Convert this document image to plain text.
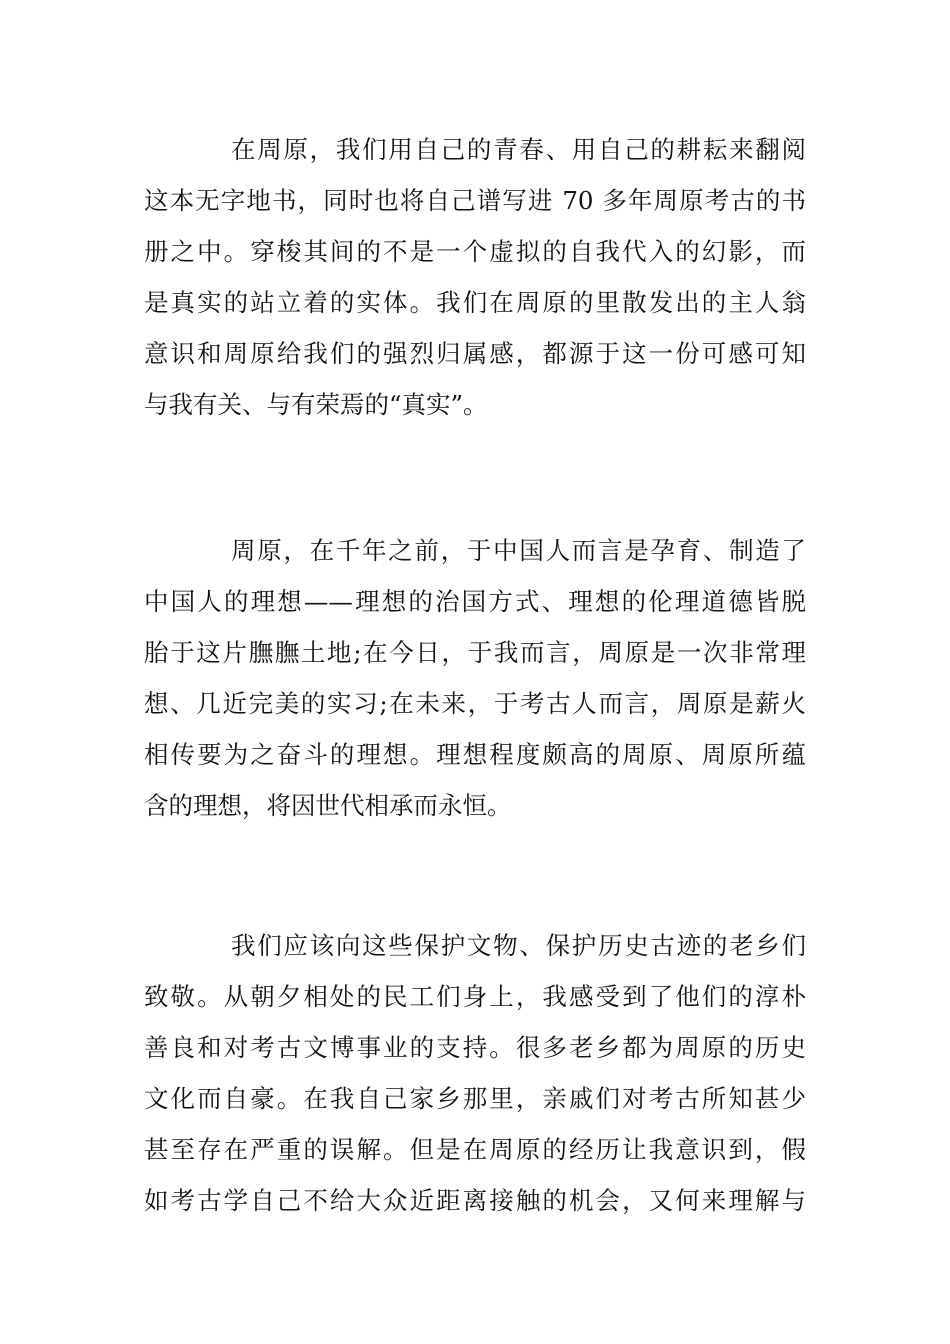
在周原，我们用自己的青春、用自己的耕耘来翻阅
这本无字地书，同时也将自己谱写进 70 多年周原考古的书
册之中。穿梭其间的不是一个虚拟的自我代入的幻影，而
是真实的站立着的实体。我们在周原的里散发出的主人翁
意识和周原给我们的强烈归属感，都源于这一份可感可知
与我有关、与有荣焉的“真实”。

周原，在千年之前，于中国人而言是孕育、制造了
中国人的理想——理想的治国方式、理想的伦理道德皆脱
胎于这片膴膴土地;在今日，于我而言，周原是一次非常理
想、几近完美的实习;在未来，于考古人而言，周原是薪火
相传要为之奋斗的理想。理想程度颇高的周原、周原所蕴
含的理想，将因世代相承而永恒。

我们应该向这些保护文物、保护历史古迹的老乡们
致敬。从朝夕相处的民工们身上，我感受到了他们的淳朴
善良和对考古文博事业的支持。很多老乡都为周原的历史
文化而自豪。在我自己家乡那里，亲戚们对考古所知甚少
甚至存在严重的误解。但是在周原的经历让我意识到，假
如考古学自己不给大众近距离接触的机会，又何来理解与
